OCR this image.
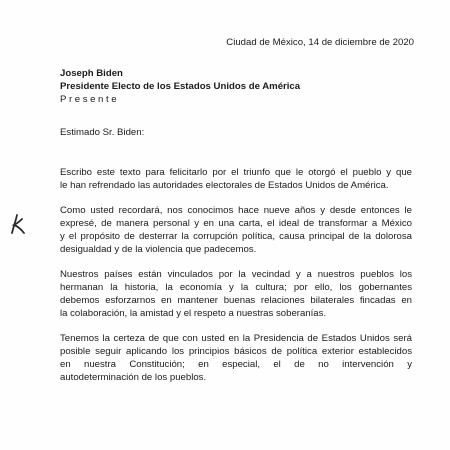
Ciudad de México, 14 de diciembre de 2020
Joseph Biden
Presidente Electo de los Estados Unidos de América
Presente
Estimado Sr. Biden:
Escribo este texto para felicitarlo por el triunfo que le otorgó el pueblo y que
le han refrendado las autoridades electorales de Estados Unidos de América.
Como usted recordará, nos conocimos hace nueve años y desde entonces le
expresé, de manera personal y en una carta, el ideal de transformar a México
y el propósito de desterrar la corrupción política, causa principal de la dolorosa
desigualdad y de la violencia que padecemos.
Nuestros países están vinculados por la vecindad y a nuestros pueblos los
hermanan la historia, la economía y la cultura; por ello, los gobernantes
debemos esforzarnos en mantener buenas relaciones bilaterales fincadas en
la colaboración, la amistad y el respeto a nuestras soberanías.
Tenemos la certeza de que con usted en la Presidencia de Estados Unidos será
posible seguir aplicando los principios básicos de política exterior establecidos
en nuestra Constitución; en especial, el de no intervención y
autodeterminación de los pueblos.
